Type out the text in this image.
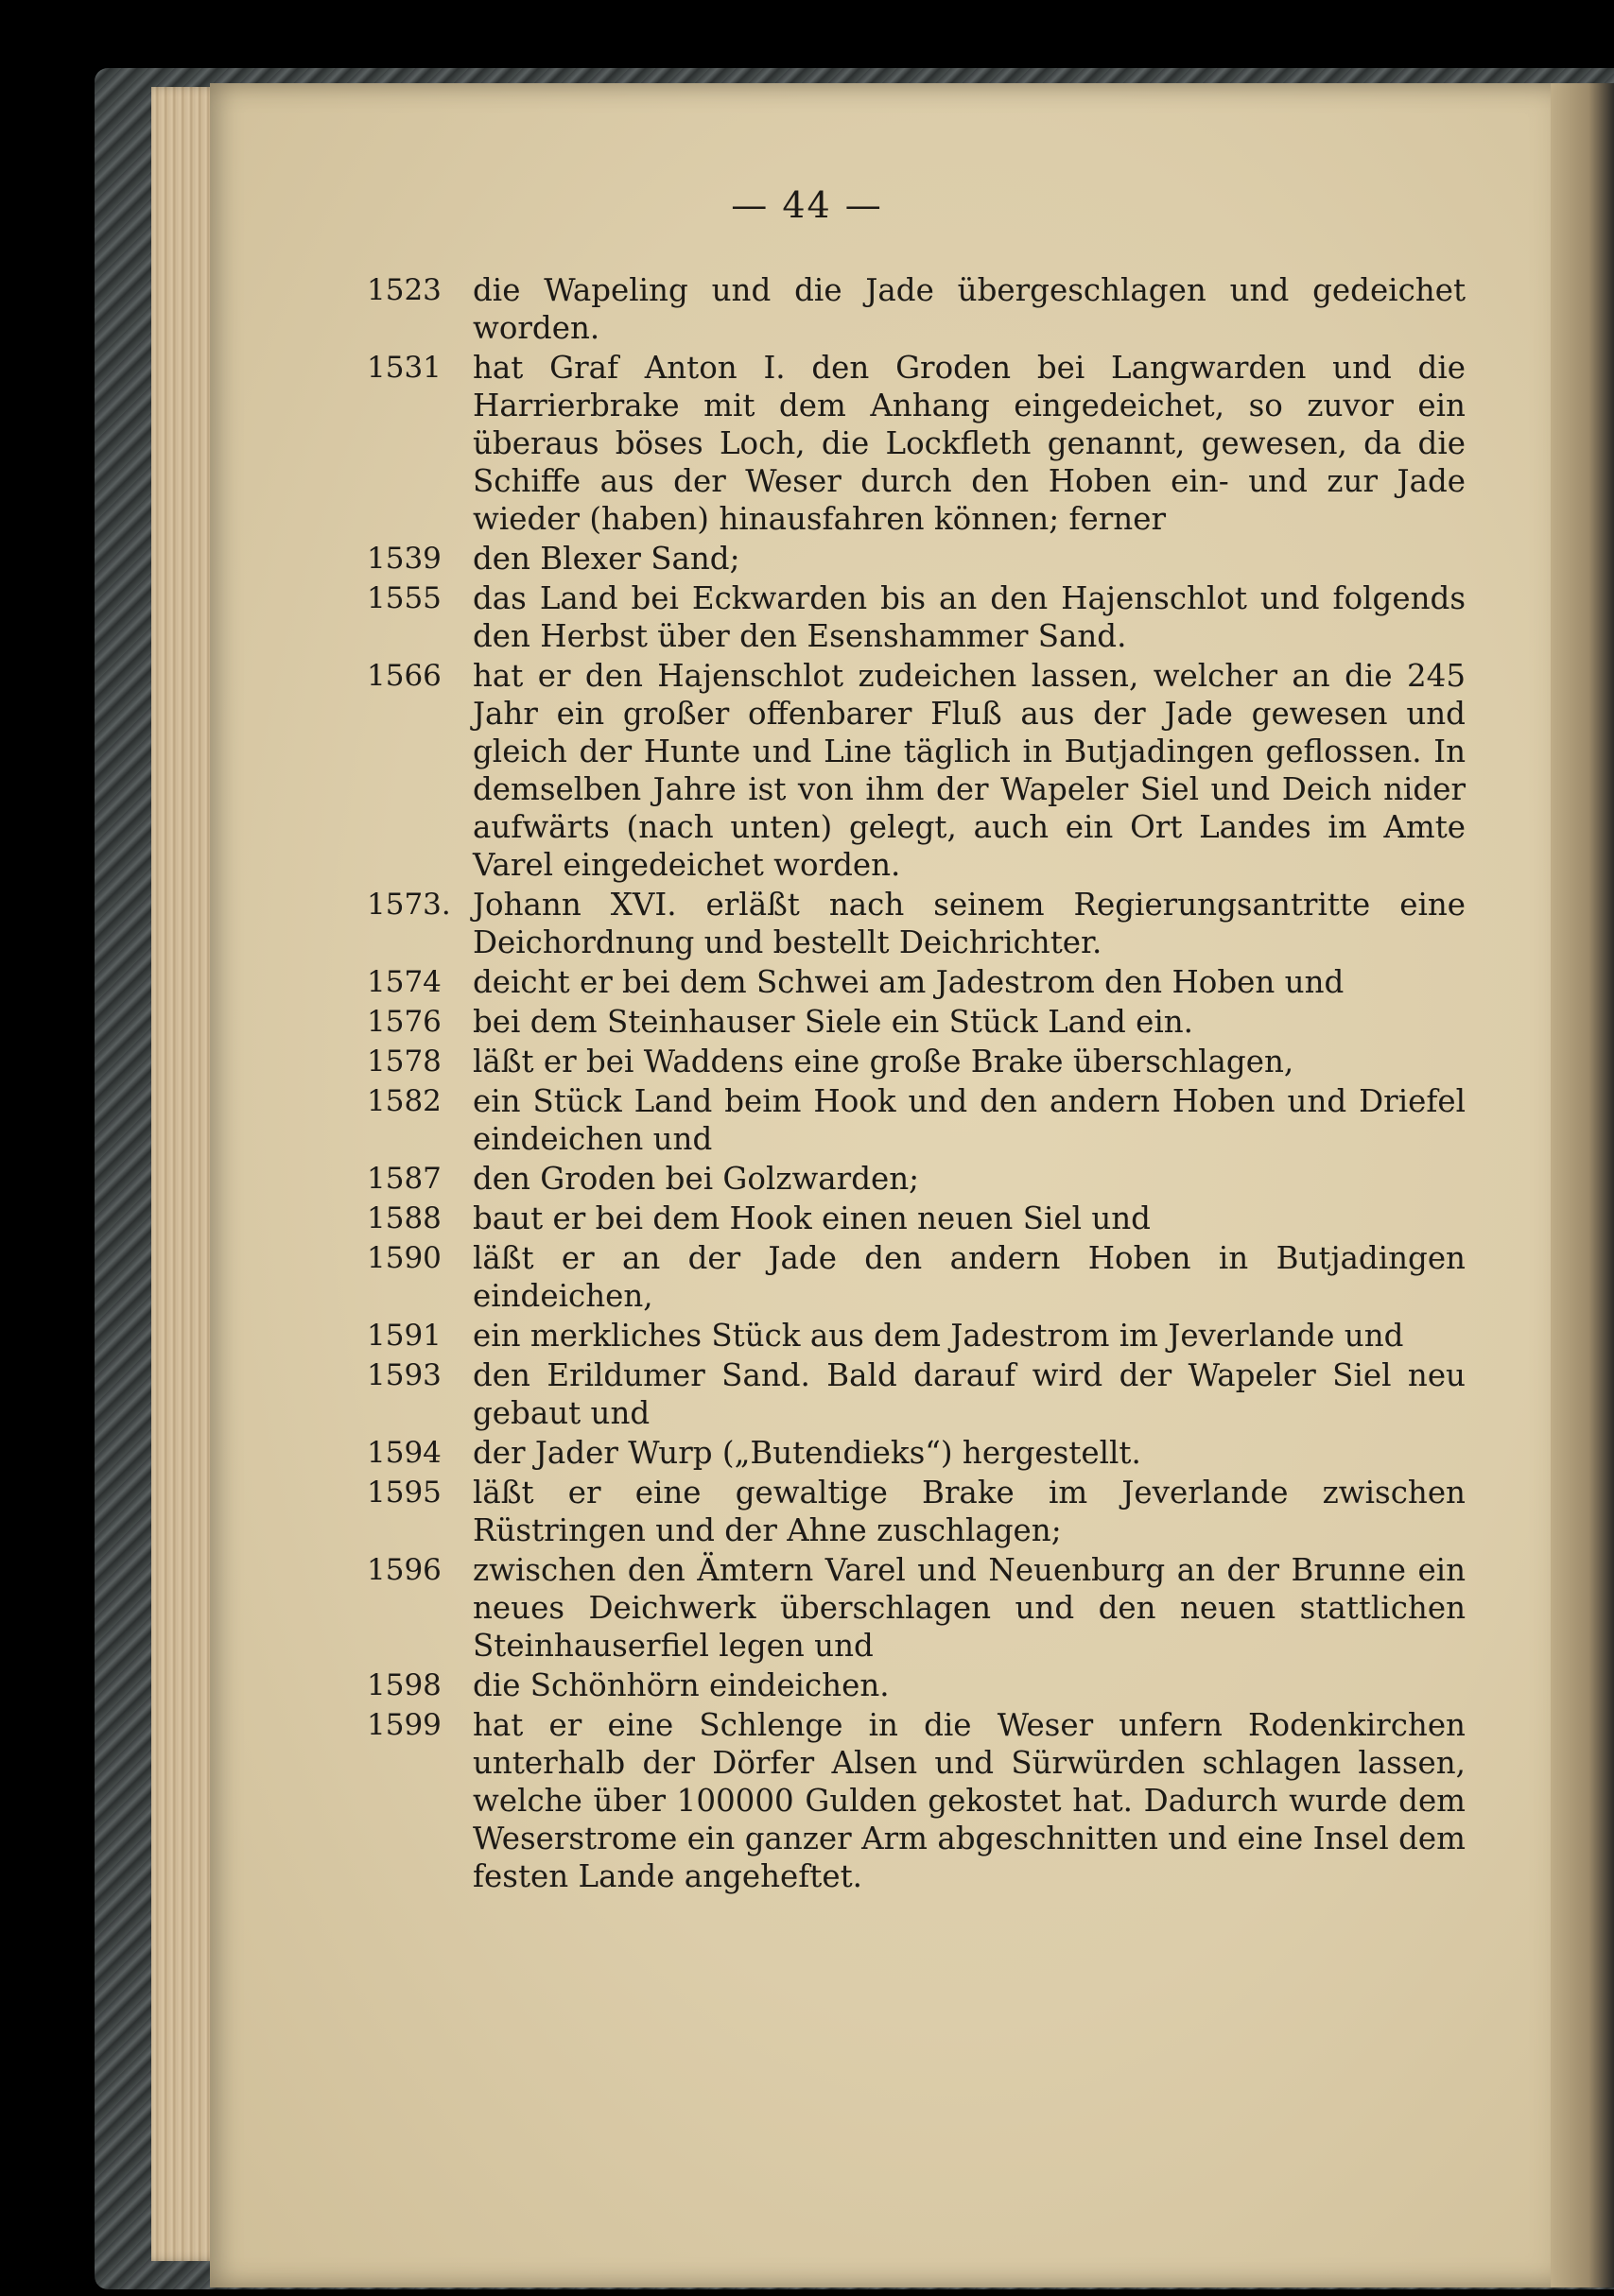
— 44 —
1523	die Wapeling und die Jade übergeschlagen und gedeichet worden.
1531	hat Graf Anton I. den Groden bei Langwarden und die Harrierbrake mit dem Anhang eingedeichet, so zuvor ein überaus böses Loch, die Lockfleth genannt, gewesen, da die Schiffe aus der Weser durch den Hoben ein- und zur Jade wieder (haben) hinausfahren können; ferner
1539	den Blexer Sand;
1555	das Land bei Eckwarden bis an den Hajenschlot und folgends den Herbst über den Esenshammer Sand.
1566	hat er den Hajenschlot zudeichen lassen, welcher an die 245 Jahr ein großer offenbarer Fluß aus der Jade gewesen und gleich der Hunte und Line täglich in Butjadingen geflossen. In demselben Jahre ist von ihm der Wapeler Siel und Deich nider aufwärts (nach unten) gelegt, auch ein Ort Landes im Amte Varel eingedeichet worden.
1573. Johann XVI. erläßt nach seinem Regierungsantritte eine Deichordnung und bestellt Deichrichter.
1574	deicht er bei dem Schwei am Jadestrom den Hoben und
1576	bei dem Steinhauser Siele ein Stück Land ein.
1578	läßt er bei Waddens eine große Brake überschlagen,
1582	ein Stück Land beim Hook und den andern Hoben und Driefel eindeichen und
1587	den Groden bei Golzwarden;
1588	baut er bei dem Hook einen neuen Siel und
1590	läßt er an der Jade den andern Hoben in Butjadingen eindeichen,
1591	ein merkliches Stück aus dem Jadestrom im Jeverlande und
1593	den Erildumer Sand. Bald darauf wird der Wapeler Siel neu gebaut und
1594	der Jader Wurp („Butendieks“) hergestellt.
1595	läßt er eine gewaltige Brake im Jeverlande zwischen Rüstringen und der Ahne zuschlagen;
1596	zwischen den Ämtern Varel und Neuenburg an der Brunne ein neues Deichwerk überschlagen und den neuen stattlichen Steinhauserfiel legen und
1598	die Schönhörn eindeichen.
1599	hat er eine Schlenge in die Weser unfern Rodenkirchen unterhalb der Dörfer Alsen und Sürwürden schlagen lassen, welche über 100000 Gulden gekostet hat. Dadurch wurde dem Weserstrome ein ganzer Arm abgeschnitten und eine Insel dem festen Lande angeheftet.
